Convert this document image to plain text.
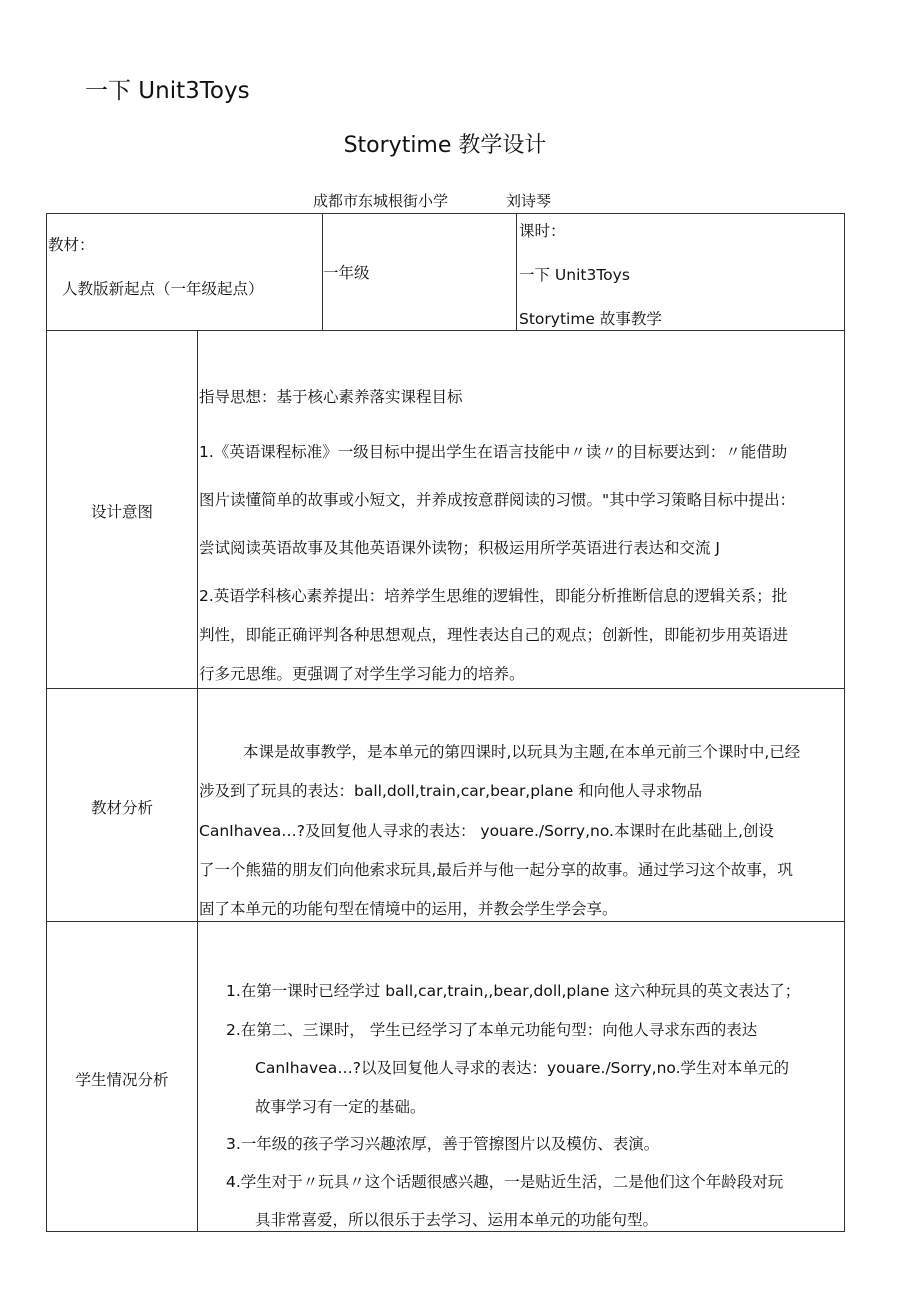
一下 Unit3Toys
Storytime 教学设计
成都市东城根街小学	刘诗琴
教材：
人教版新起点（一年级起点）
一年级
课时：
一下 Unit3Toys
Storytime 故事教学
设计意图
指导思想：基于核心素养落实课程目标
1.《英语课程标准》一级目标中提出学生在语言技能中〃读〃的目标要达到：〃能借助
图片读懂简单的故事或小短文，并养成按意群阅读的习惯。"其中学习策略目标中提出：
尝试阅读英语故事及其他英语课外读物；积极运用所学英语进行表达和交流 J
2.英语学科核心素养提出：培养学生思维的逻辑性，即能分析推断信息的逻辑关系；批
判性，即能正确评判各种思想观点，理性表达自己的观点；创新性，即能初步用英语进
行多元思维。更强调了对学生学习能力的培养。
教材分析
本课是故事教学，是本单元的第四课时,以玩具为主题,在本单元前三个课时中,已经
涉及到了玩具的表达：ball,doll,train,car,bear,plane 和向他人寻求物品
CanIhavea…?及回复他人寻求的表达： youare./Sorry,no.本课时在此基础上,创设
了一个熊猫的朋友们向他索求玩具,最后并与他一起分享的故事。通过学习这个故事，巩
固了本单元的功能句型在情境中的运用，并教会学生学会享。
学生情况分析
1.在第一课时已经学过 ball,car,train,,bear,doll,plane 这六种玩具的英文表达了；
2.在第二、三课时， 学生已经学习了本单元功能句型：向他人寻求东西的表达
CanIhavea…?以及回复他人寻求的表达：youare./Sorry,no.学生对本单元的
故事学习有一定的基础。
3.一年级的孩子学习兴趣浓厚，善于管擦图片以及模仿、表演。
4.学生对于〃玩具〃这个话题很感兴趣，一是贴近生活，二是他们这个年龄段对玩
具非常喜爱，所以很乐于去学习、运用本单元的功能句型。
